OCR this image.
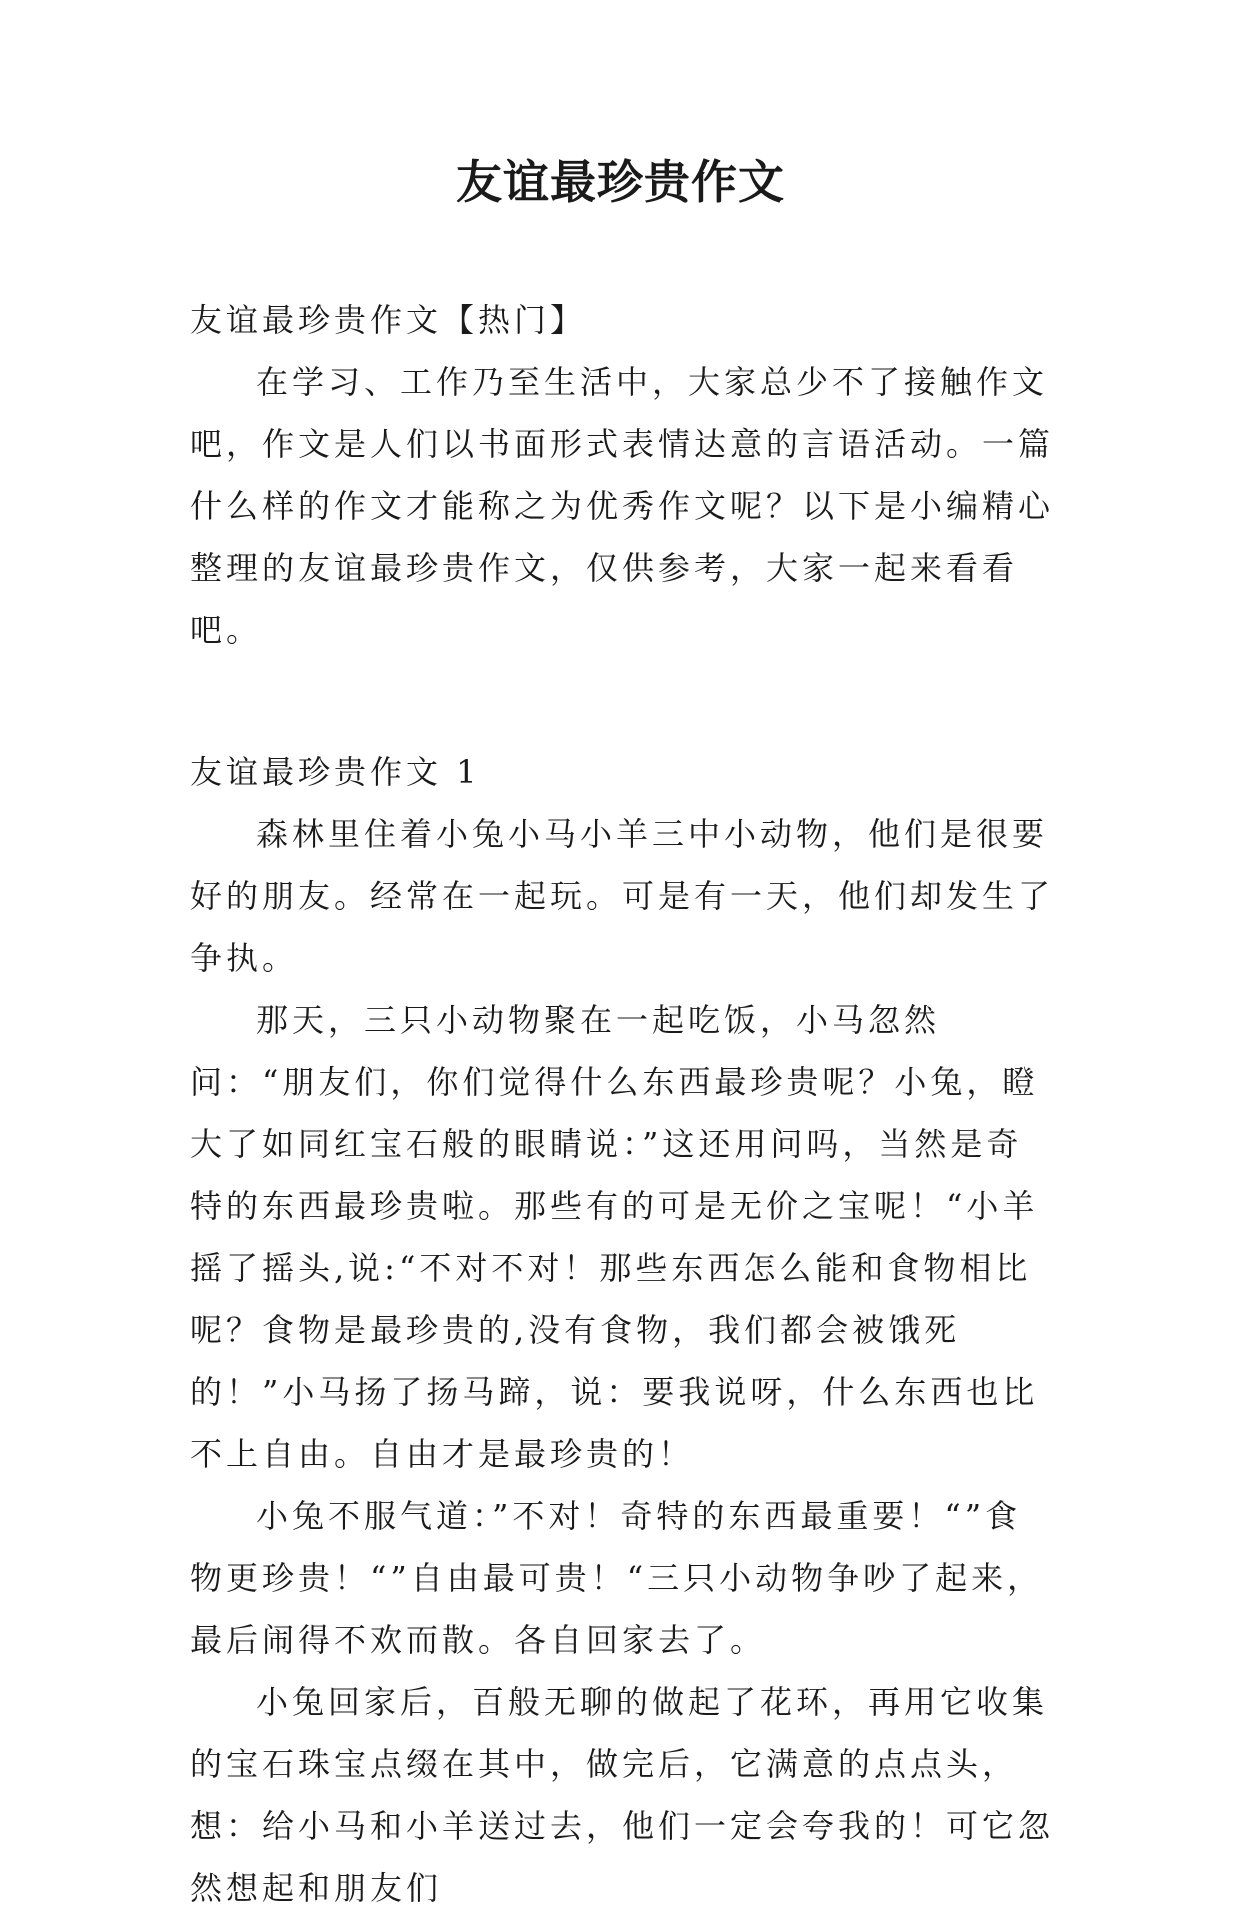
友谊最珍贵作文

友谊最珍贵作文【热门】

在学习、工作乃至生活中，大家总少不了接触作文吧，作文是人们以书面形式表情达意的言语活动。一篇什么样的作文才能称之为优秀作文呢？以下是小编精心整理的友谊最珍贵作文，仅供参考，大家一起来看看吧。

友谊最珍贵作文 1

森林里住着小兔小马小羊三中小动物，他们是很要好的朋友。经常在一起玩。可是有一天，他们却发生了争执。

那天，三只小动物聚在一起吃饭，小马忽然问：“朋友们，你们觉得什么东西最珍贵呢？小兔，瞪大了如同红宝石般的眼睛说：”这还用问吗，当然是奇特的东西最珍贵啦。那些有的可是无价之宝呢！“小羊摇了摇头,说:“不对不对！那些东西怎么能和食物相比呢？食物是最珍贵的,没有食物，我们都会被饿死的！”小马扬了扬马蹄，说：要我说呀，什么东西也比不上自由。自由才是最珍贵的！

小兔不服气道：”不对！奇特的东西最重要！“”食物更珍贵！“”自由最可贵！“三只小动物争吵了起来，最后闹得不欢而散。各自回家去了。

小兔回家后，百般无聊的做起了花环，再用它收集的宝石珠宝点缀在其中，做完后，它满意的点点头，想：给小马和小羊送过去，他们一定会夸我的！可它忽然想起和朋友们
